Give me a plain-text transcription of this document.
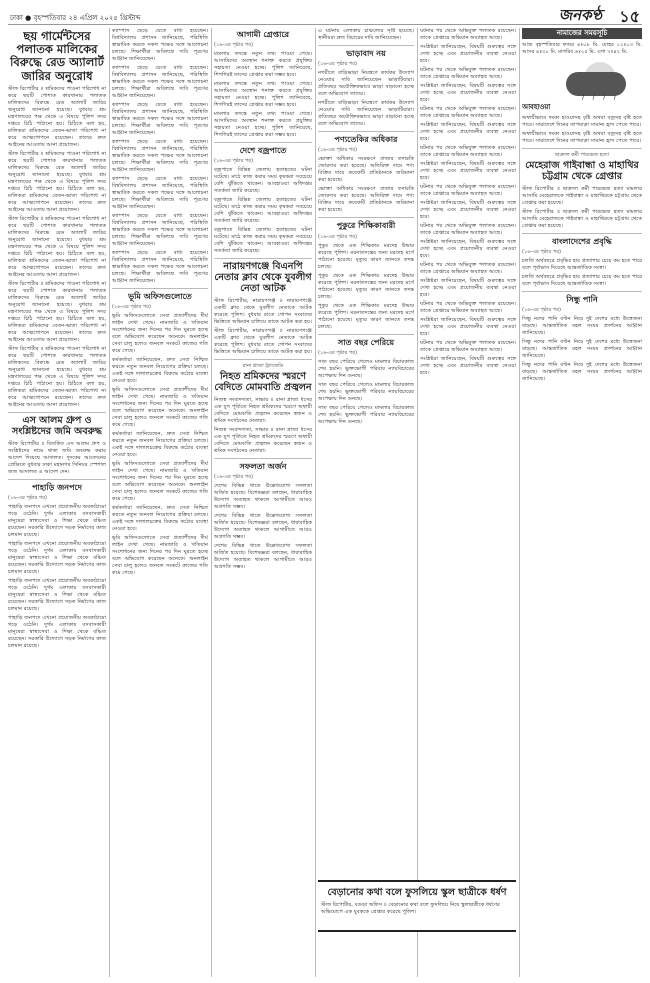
ঢাকা ● বৃহস্পতিবার ২৪ এপ্রিল ২০২৫ খ্রিস্টাব্দ	জনকণ্ঠ ১৫
ছয় গার্মেন্টসের পলাতক মালিকের বিরুদ্ধে রেড অ্যালার্ট জারির অনুরোধ

স্টাফ রিপোর্টার ॥ শ্রমিকদের পাওনা পরিশোধ না করে ছয়টি পোশাক কারখানার পলাতক মালিকদের বিরুদ্ধে রেড অ্যালার্ট জারির অনুরোধ জানানো হয়েছে। বুধবার শ্রম মন্ত্রণালয়ের পক্ষ থেকে এ বিষয়ে পুলিশ সদর দপ্তরে চিঠি পাঠানো হয়। চিঠিতে বলা হয়, মালিকরা শ্রমিকদের বেতন-ভাতা পরিশোধ না করে আত্মগোপনে রয়েছেন। তাদের দ্রুত আইনের আওতায় আনা প্রয়োজন।

স্টাফ রিপোর্টার ॥ শ্রমিকদের পাওনা পরিশোধ না করে ছয়টি পোশাক কারখানার পলাতক মালিকদের বিরুদ্ধে রেড অ্যালার্ট জারির অনুরোধ জানানো হয়েছে। বুধবার শ্রম মন্ত্রণালয়ের পক্ষ থেকে এ বিষয়ে পুলিশ সদর দপ্তরে চিঠি পাঠানো হয়। চিঠিতে বলা হয়, মালিকরা শ্রমিকদের বেতন-ভাতা পরিশোধ না করে আত্মগোপনে রয়েছেন। তাদের দ্রুত আইনের আওতায় আনা প্রয়োজন।

স্টাফ রিপোর্টার ॥ শ্রমিকদের পাওনা পরিশোধ না করে ছয়টি পোশাক কারখানার পলাতক মালিকদের বিরুদ্ধে রেড অ্যালার্ট জারির অনুরোধ জানানো হয়েছে। বুধবার শ্রম মন্ত্রণালয়ের পক্ষ থেকে এ বিষয়ে পুলিশ সদর দপ্তরে চিঠি পাঠানো হয়। চিঠিতে বলা হয়, মালিকরা শ্রমিকদের বেতন-ভাতা পরিশোধ না করে আত্মগোপনে রয়েছেন। তাদের দ্রুত আইনের আওতায় আনা প্রয়োজন।

স্টাফ রিপোর্টার ॥ শ্রমিকদের পাওনা পরিশোধ না করে ছয়টি পোশাক কারখানার পলাতক মালিকদের বিরুদ্ধে রেড অ্যালার্ট জারির অনুরোধ জানানো হয়েছে। বুধবার শ্রম মন্ত্রণালয়ের পক্ষ থেকে এ বিষয়ে পুলিশ সদর দপ্তরে চিঠি পাঠানো হয়। চিঠিতে বলা হয়, মালিকরা শ্রমিকদের বেতন-ভাতা পরিশোধ না করে আত্মগোপনে রয়েছেন। তাদের দ্রুত আইনের আওতায় আনা প্রয়োজন।

স্টাফ রিপোর্টার ॥ শ্রমিকদের পাওনা পরিশোধ না করে ছয়টি পোশাক কারখানার পলাতক মালিকদের বিরুদ্ধে রেড অ্যালার্ট জারির অনুরোধ জানানো হয়েছে। বুধবার শ্রম মন্ত্রণালয়ের পক্ষ থেকে এ বিষয়ে পুলিশ সদর দপ্তরে চিঠি পাঠানো হয়। চিঠিতে বলা হয়, মালিকরা শ্রমিকদের বেতন-ভাতা পরিশোধ না করে আত্মগোপনে রয়েছেন। তাদের দ্রুত আইনের আওতায় আনা প্রয়োজন।

এস আলম গ্রুপ ও সংশ্লিষ্টদের জমি অবরুদ্ধ

স্টাফ রিপোর্টার ॥ বিতর্কিত এস আলম গ্রুপ ও সংশ্লিষ্টদের নামে থাকা জমি অবরুদ্ধ করার আদেশ দিয়েছে আদালত। দুদকের আবেদনের প্রেক্ষিতে বুধবার ঢাকা মহানগর সিনিয়র স্পেশাল জজ আদালত এ আদেশ দেন।

পাহাড়ি জনপদে
(১৬-এর পৃষ্ঠার পর)

পাহাড়ি জনপদে এখনো প্রয়োজনীয় অবকাঠামো গড়ে ওঠেনি। দুর্গম এলাকায় বসবাসকারী মানুষেরা স্বাস্থ্যসেবা ও শিক্ষা থেকে বঞ্চিত রয়েছেন। সরকারি উদ্যোগে সড়ক নির্মাণের কাজ চলমান রয়েছে।

পাহাড়ি জনপদে এখনো প্রয়োজনীয় অবকাঠামো গড়ে ওঠেনি। দুর্গম এলাকায় বসবাসকারী মানুষেরা স্বাস্থ্যসেবা ও শিক্ষা থেকে বঞ্চিত রয়েছেন। সরকারি উদ্যোগে সড়ক নির্মাণের কাজ চলমান রয়েছে।

পাহাড়ি জনপদে এখনো প্রয়োজনীয় অবকাঠামো গড়ে ওঠেনি। দুর্গম এলাকায় বসবাসকারী মানুষেরা স্বাস্থ্যসেবা ও শিক্ষা থেকে বঞ্চিত রয়েছেন। সরকারি উদ্যোগে সড়ক নির্মাণের কাজ চলমান রয়েছে।

পাহাড়ি জনপদে এখনো প্রয়োজনীয় অবকাঠামো গড়ে ওঠেনি। দুর্গম এলাকায় বসবাসকারী মানুষেরা স্বাস্থ্যসেবা ও শিক্ষা থেকে বঞ্চিত রয়েছেন। সরকারি উদ্যোগে সড়ক নির্মাণের কাজ চলমান রয়েছে।

ক্যাম্পাস ছেড়ে যেতে বাধ্য হয়েছেন। বিশ্ববিদ্যালয় প্রশাসন জানিয়েছে, পরিস্থিতি স্বাভাবিক করতে সকল পক্ষের সঙ্গে আলোচনা চলছে। শিক্ষার্থীরা অবিলম্বে দাবি পূরণের আহ্বান জানিয়েছেন।

ক্যাম্পাস ছেড়ে যেতে বাধ্য হয়েছেন। বিশ্ববিদ্যালয় প্রশাসন জানিয়েছে, পরিস্থিতি স্বাভাবিক করতে সকল পক্ষের সঙ্গে আলোচনা চলছে। শিক্ষার্থীরা অবিলম্বে দাবি পূরণের আহ্বান জানিয়েছেন।

ক্যাম্পাস ছেড়ে যেতে বাধ্য হয়েছেন। বিশ্ববিদ্যালয় প্রশাসন জানিয়েছে, পরিস্থিতি স্বাভাবিক করতে সকল পক্ষের সঙ্গে আলোচনা চলছে। শিক্ষার্থীরা অবিলম্বে দাবি পূরণের আহ্বান জানিয়েছেন।

ক্যাম্পাস ছেড়ে যেতে বাধ্য হয়েছেন। বিশ্ববিদ্যালয় প্রশাসন জানিয়েছে, পরিস্থিতি স্বাভাবিক করতে সকল পক্ষের সঙ্গে আলোচনা চলছে। শিক্ষার্থীরা অবিলম্বে দাবি পূরণের আহ্বান জানিয়েছেন।

ক্যাম্পাস ছেড়ে যেতে বাধ্য হয়েছেন। বিশ্ববিদ্যালয় প্রশাসন জানিয়েছে, পরিস্থিতি স্বাভাবিক করতে সকল পক্ষের সঙ্গে আলোচনা চলছে। শিক্ষার্থীরা অবিলম্বে দাবি পূরণের আহ্বান জানিয়েছেন।

ক্যাম্পাস ছেড়ে যেতে বাধ্য হয়েছেন। বিশ্ববিদ্যালয় প্রশাসন জানিয়েছে, পরিস্থিতি স্বাভাবিক করতে সকল পক্ষের সঙ্গে আলোচনা চলছে। শিক্ষার্থীরা অবিলম্বে দাবি পূরণের আহ্বান জানিয়েছেন।

ক্যাম্পাস ছেড়ে যেতে বাধ্য হয়েছেন। বিশ্ববিদ্যালয় প্রশাসন জানিয়েছে, পরিস্থিতি স্বাভাবিক করতে সকল পক্ষের সঙ্গে আলোচনা চলছে। শিক্ষার্থীরা অবিলম্বে দাবি পূরণের আহ্বান জানিয়েছেন।

ভূমি অফিসগুলোতে
(১৬-এর পৃষ্ঠার পর)

ভূমি অফিসগুলোতে সেবা প্রত্যাশীদের দীর্ঘ লাইন দেখা গেছে। নামজারি ও খতিয়ান সংশোধনের জন্য দিনের পর দিন ঘুরতে হচ্ছে বলে অভিযোগ করেছেন অনেকে। অনলাইন সেবা চালু হলেও জনবল সংকটে কাজের গতি কমে গেছে।

কর্মকর্তারা জানিয়েছেন, দ্রুত সেবা নিশ্চিত করতে নতুন জনবল নিয়োগের প্রক্রিয়া চলছে। একই সঙ্গে দালালচক্রের বিরুদ্ধে কঠোর ব্যবস্থা নেওয়া হবে।

ভূমি অফিসগুলোতে সেবা প্রত্যাশীদের দীর্ঘ লাইন দেখা গেছে। নামজারি ও খতিয়ান সংশোধনের জন্য দিনের পর দিন ঘুরতে হচ্ছে বলে অভিযোগ করেছেন অনেকে। অনলাইন সেবা চালু হলেও জনবল সংকটে কাজের গতি কমে গেছে।

কর্মকর্তারা জানিয়েছেন, দ্রুত সেবা নিশ্চিত করতে নতুন জনবল নিয়োগের প্রক্রিয়া চলছে। একই সঙ্গে দালালচক্রের বিরুদ্ধে কঠোর ব্যবস্থা নেওয়া হবে।

ভূমি অফিসগুলোতে সেবা প্রত্যাশীদের দীর্ঘ লাইন দেখা গেছে। নামজারি ও খতিয়ান সংশোধনের জন্য দিনের পর দিন ঘুরতে হচ্ছে বলে অভিযোগ করেছেন অনেকে। অনলাইন সেবা চালু হলেও জনবল সংকটে কাজের গতি কমে গেছে।

কর্মকর্তারা জানিয়েছেন, দ্রুত সেবা নিশ্চিত করতে নতুন জনবল নিয়োগের প্রক্রিয়া চলছে। একই সঙ্গে দালালচক্রের বিরুদ্ধে কঠোর ব্যবস্থা নেওয়া হবে।

ভূমি অফিসগুলোতে সেবা প্রত্যাশীদের দীর্ঘ লাইন দেখা গেছে। নামজারি ও খতিয়ান সংশোধনের জন্য দিনের পর দিন ঘুরতে হচ্ছে বলে অভিযোগ করেছেন অনেকে। অনলাইন সেবা চালু হলেও জনবল সংকটে কাজের গতি কমে গেছে।

আগামী গ্রেপ্তারে
(১৬-এর পৃষ্ঠার পর)

মামলার তদন্তে নতুন তথ্য পাওয়া গেছে। আসামিদের অবস্থান শনাক্ত করতে প্রযুক্তির সহায়তা নেওয়া হচ্ছে। পুলিশ জানিয়েছে, শিগগিরই তাদের গ্রেপ্তার করা সম্ভব হবে।

মামলার তদন্তে নতুন তথ্য পাওয়া গেছে। আসামিদের অবস্থান শনাক্ত করতে প্রযুক্তির সহায়তা নেওয়া হচ্ছে। পুলিশ জানিয়েছে, শিগগিরই তাদের গ্রেপ্তার করা সম্ভব হবে।

মামলার তদন্তে নতুন তথ্য পাওয়া গেছে। আসামিদের অবস্থান শনাক্ত করতে প্রযুক্তির সহায়তা নেওয়া হচ্ছে। পুলিশ জানিয়েছে, শিগগিরই তাদের গ্রেপ্তার করা সম্ভব হবে।

দেশে বজ্রপাতে
(১৬-এর পৃষ্ঠার পর)

বজ্রপাতে বিভিন্ন জেলায় হতাহতের ঘটনা ঘটেছে। মাঠে কাজ করার সময় কৃষকরা সবচেয়ে বেশি ঝুঁকিতে থাকেন। আবহাওয়া অধিদপ্তর সতর্কতা জারি করেছে।

বজ্রপাতে বিভিন্ন জেলায় হতাহতের ঘটনা ঘটেছে। মাঠে কাজ করার সময় কৃষকরা সবচেয়ে বেশি ঝুঁকিতে থাকেন। আবহাওয়া অধিদপ্তর সতর্কতা জারি করেছে।

বজ্রপাতে বিভিন্ন জেলায় হতাহতের ঘটনা ঘটেছে। মাঠে কাজ করার সময় কৃষকরা সবচেয়ে বেশি ঝুঁকিতে থাকেন। আবহাওয়া অধিদপ্তর সতর্কতা জারি করেছে।

নারায়ণগঞ্জে বিএনপি নেতার ক্লাব থেকে যুবলীগ নেতা আটক

স্টাফ রিপোর্টার, নারায়ণগঞ্জ ॥ নারায়ণগঞ্জে একটি ক্লাব থেকে যুবলীগ নেতাকে আটক করেছে পুলিশ। বুধবার রাতে গোপন সংবাদের ভিত্তিতে অভিযান চালিয়ে তাকে আটক করা হয়।

স্টাফ রিপোর্টার, নারায়ণগঞ্জ ॥ নারায়ণগঞ্জে একটি ক্লাব থেকে যুবলীগ নেতাকে আটক করেছে পুলিশ। বুধবার রাতে গোপন সংবাদের ভিত্তিতে অভিযান চালিয়ে তাকে আটক করা হয়।

রানা প্লাজা ট্র্যাজেডি
নিহত শ্রমিকদের স্মরণে বেদিতে মোমবাতি প্রজ্বলন

নিজস্ব সংবাদদাতা, সাভার ॥ রানা প্লাজা ধসের এক যুগ পূর্তিতে নিহত শ্রমিকদের স্মরণে অস্থায়ী বেদিতে মোমবাতি প্রজ্বলন করেছেন স্বজন ও শ্রমিক সংগঠনের নেতারা।

নিজস্ব সংবাদদাতা, সাভার ॥ রানা প্লাজা ধসের এক যুগ পূর্তিতে নিহত শ্রমিকদের স্মরণে অস্থায়ী বেদিতে মোমবাতি প্রজ্বলন করেছেন স্বজন ও শ্রমিক সংগঠনের নেতারা।

সফলতা অর্জন
(১৬-এর পৃষ্ঠার পর)

দেশের বিভিন্ন খাতে উল্লেখযোগ্য সফলতা অর্জিত হয়েছে। বিশেষজ্ঞরা বলছেন, ধারাবাহিক উদ্যোগ অব্যাহত থাকলে আগামীতে আরও অগ্রগতি সম্ভব।

দেশের বিভিন্ন খাতে উল্লেখযোগ্য সফলতা অর্জিত হয়েছে। বিশেষজ্ঞরা বলছেন, ধারাবাহিক উদ্যোগ অব্যাহত থাকলে আগামীতে আরও অগ্রগতি সম্ভব।

দেশের বিভিন্ন খাতে উল্লেখযোগ্য সফলতা অর্জিত হয়েছে। বিশেষজ্ঞরা বলছেন, ধারাবাহিক উদ্যোগ অব্যাহত থাকলে আগামীতে আরও অগ্রগতি সম্ভব।

এ ঘটনায় এলাকায় চাঞ্চল্যের সৃষ্টি হয়েছে। স্থানীয়রা দ্রুত বিচারের দাবি জানিয়েছেন।

ভাড়াবাদ নয়
(১৬-এর পৃষ্ঠার পর)

নগরীতে বাড়িভাড়া নিয়ন্ত্রণে কার্যকর উদ্যোগ নেওয়ার দাবি জানিয়েছেন ভাড়াটিয়ারা। প্রতিবছর অযৌক্তিকভাবে ভাড়া বাড়ানো হচ্ছে বলে অভিযোগ তাদের।

নগরীতে বাড়িভাড়া নিয়ন্ত্রণে কার্যকর উদ্যোগ নেওয়ার দাবি জানিয়েছেন ভাড়াটিয়ারা। প্রতিবছর অযৌক্তিকভাবে ভাড়া বাড়ানো হচ্ছে বলে অভিযোগ তাদের।

পণ্যতেকির অধিকার
(১৬-এর পৃষ্ঠার পর)

ভোক্তা অধিকার সংরক্ষণে বাজার তদারকি জোরদার করা হয়েছে। অতিরিক্ত দামে পণ্য বিক্রির দায়ে কয়েকটি প্রতিষ্ঠানকে জরিমানা করা হয়েছে।

ভোক্তা অধিকার সংরক্ষণে বাজার তদারকি জোরদার করা হয়েছে। অতিরিক্ত দামে পণ্য বিক্রির দায়ে কয়েকটি প্রতিষ্ঠানকে জরিমানা করা হয়েছে।

পুকুরে শিক্ষিকাবারী
(১৬-এর পৃষ্ঠার পর)

পুকুর থেকে এক শিক্ষিকার মরদেহ উদ্ধার করেছে পুলিশ। ময়নাতদন্তের জন্য মরদেহ মর্গে পাঠানো হয়েছে। মৃত্যুর কারণ জানতে তদন্ত চলছে।

পুকুর থেকে এক শিক্ষিকার মরদেহ উদ্ধার করেছে পুলিশ। ময়নাতদন্তের জন্য মরদেহ মর্গে পাঠানো হয়েছে। মৃত্যুর কারণ জানতে তদন্ত চলছে।

পুকুর থেকে এক শিক্ষিকার মরদেহ উদ্ধার করেছে পুলিশ। ময়নাতদন্তের জন্য মরদেহ মর্গে পাঠানো হয়েছে। মৃত্যুর কারণ জানতে তদন্ত চলছে।

সাত বছর পেরিয়ে
(১৬-এর পৃষ্ঠার পর)

সাত বছর পেরিয়ে গেলেও মামলার বিচারকাজ শেষ হয়নি। ভুক্তভোগী পরিবার ন্যায়বিচারের অপেক্ষায় দিন গুনছে।

সাত বছর পেরিয়ে গেলেও মামলার বিচারকাজ শেষ হয়নি। ভুক্তভোগী পরিবার ন্যায়বিচারের অপেক্ষায় দিন গুনছে।

সাত বছর পেরিয়ে গেলেও মামলার বিচারকাজ শেষ হয়নি। ভুক্তভোগী পরিবার ন্যায়বিচারের অপেক্ষায় দিন গুনছে।

ঘটনার পর থেকে অভিযুক্ত পলাতক রয়েছেন। তাকে গ্রেপ্তারে অভিযান অব্যাহত আছে।

সংশ্লিষ্টরা জানিয়েছেন, বিষয়টি গুরুত্বের সঙ্গে দেখা হচ্ছে এবং প্রয়োজনীয় ব্যবস্থা নেওয়া হবে।

ঘটনার পর থেকে অভিযুক্ত পলাতক রয়েছেন। তাকে গ্রেপ্তারে অভিযান অব্যাহত আছে।

সংশ্লিষ্টরা জানিয়েছেন, বিষয়টি গুরুত্বের সঙ্গে দেখা হচ্ছে এবং প্রয়োজনীয় ব্যবস্থা নেওয়া হবে।

ঘটনার পর থেকে অভিযুক্ত পলাতক রয়েছেন। তাকে গ্রেপ্তারে অভিযান অব্যাহত আছে।

সংশ্লিষ্টরা জানিয়েছেন, বিষয়টি গুরুত্বের সঙ্গে দেখা হচ্ছে এবং প্রয়োজনীয় ব্যবস্থা নেওয়া হবে।

ঘটনার পর থেকে অভিযুক্ত পলাতক রয়েছেন। তাকে গ্রেপ্তারে অভিযান অব্যাহত আছে।

সংশ্লিষ্টরা জানিয়েছেন, বিষয়টি গুরুত্বের সঙ্গে দেখা হচ্ছে এবং প্রয়োজনীয় ব্যবস্থা নেওয়া হবে।

ঘটনার পর থেকে অভিযুক্ত পলাতক রয়েছেন। তাকে গ্রেপ্তারে অভিযান অব্যাহত আছে।

সংশ্লিষ্টরা জানিয়েছেন, বিষয়টি গুরুত্বের সঙ্গে দেখা হচ্ছে এবং প্রয়োজনীয় ব্যবস্থা নেওয়া হবে।

ঘটনার পর থেকে অভিযুক্ত পলাতক রয়েছেন। তাকে গ্রেপ্তারে অভিযান অব্যাহত আছে।

সংশ্লিষ্টরা জানিয়েছেন, বিষয়টি গুরুত্বের সঙ্গে দেখা হচ্ছে এবং প্রয়োজনীয় ব্যবস্থা নেওয়া হবে।

ঘটনার পর থেকে অভিযুক্ত পলাতক রয়েছেন। তাকে গ্রেপ্তারে অভিযান অব্যাহত আছে।

সংশ্লিষ্টরা জানিয়েছেন, বিষয়টি গুরুত্বের সঙ্গে দেখা হচ্ছে এবং প্রয়োজনীয় ব্যবস্থা নেওয়া হবে।

ঘটনার পর থেকে অভিযুক্ত পলাতক রয়েছেন। তাকে গ্রেপ্তারে অভিযান অব্যাহত আছে।

সংশ্লিষ্টরা জানিয়েছেন, বিষয়টি গুরুত্বের সঙ্গে দেখা হচ্ছে এবং প্রয়োজনীয় ব্যবস্থা নেওয়া হবে।

ঘটনার পর থেকে অভিযুক্ত পলাতক রয়েছেন। তাকে গ্রেপ্তারে অভিযান অব্যাহত আছে।

সংশ্লিষ্টরা জানিয়েছেন, বিষয়টি গুরুত্বের সঙ্গে দেখা হচ্ছে এবং প্রয়োজনীয় ব্যবস্থা নেওয়া হবে।

বেড়ানোর কথা বলে ফুসলিয়ে স্কুল ছাত্রীকে ধর্ষণ
স্টাফ রিপোর্টার, বগুড়া অফিস ॥ বেড়ানোর কথা বলে ফুসলিয়ে নিয়ে স্কুলছাত্রীকে ধর্ষণের অভিযোগে এক যুবককে গ্রেপ্তার করেছে পুলিশ।
নামাজের সময়সূচি

আজ বৃহস্পতিবার ফজর ৪ঃ০৮ মি. যোহর ১২ঃ০৩ মি. আসর ৪ঃ৩০ মি. মাগরিব ৬ঃ২৫ মি. এশা ৭ঃ৪২ মি.

/ / / /
আবহাওয়া

অস্থায়ীভাবে দমকা হাওয়াসহ বৃষ্টি অথবা বজ্রসহ বৃষ্টি হতে পারে। সারাদেশে দিনের তাপমাত্রা সামান্য হ্রাস পেতে পারে।

অস্থায়ীভাবে দমকা হাওয়াসহ বৃষ্টি অথবা বজ্রসহ বৃষ্টি হতে পারে। সারাদেশে দিনের তাপমাত্রা সামান্য হ্রাস পেতে পারে।

ছাত্রদল কর্মী পারভেজ হত্যা
মেহেরাজ গাইবান্ধা ও মাহাথির চট্টগ্রাম থেকে গ্রেপ্তার

স্টাফ রিপোর্টার ॥ ছাত্রদল কর্মী পারভেজ হত্যা মামলার আসামি মেহেরাজকে গাইবান্ধা ও মাহাথিরকে চট্টগ্রাম থেকে গ্রেপ্তার করা হয়েছে।

স্টাফ রিপোর্টার ॥ ছাত্রদল কর্মী পারভেজ হত্যা মামলার আসামি মেহেরাজকে গাইবান্ধা ও মাহাথিরকে চট্টগ্রাম থেকে গ্রেপ্তার করা হয়েছে।

বাংলাদেশের প্রবৃদ্ধি
(১৬-এর পৃষ্ঠার পর)

চলতি অর্থবছরে প্রবৃদ্ধির হার প্রত্যাশার চেয়ে কম হতে পারে বলে পূর্বাভাস দিয়েছে আন্তর্জাতিক সংস্থা।

চলতি অর্থবছরে প্রবৃদ্ধির হার প্রত্যাশার চেয়ে কম হতে পারে বলে পূর্বাভাস দিয়েছে আন্তর্জাতিক সংস্থা।

সিন্ধু পানি
(১৬-এর পৃষ্ঠার পর)

সিন্ধু নদের পানি বণ্টন নিয়ে দুই দেশের মধ্যে উত্তেজনা বাড়ছে। আন্তর্জাতিক মহল সংযম প্রদর্শনের আহ্বান জানিয়েছে।

সিন্ধু নদের পানি বণ্টন নিয়ে দুই দেশের মধ্যে উত্তেজনা বাড়ছে। আন্তর্জাতিক মহল সংযম প্রদর্শনের আহ্বান জানিয়েছে।

সিন্ধু নদের পানি বণ্টন নিয়ে দুই দেশের মধ্যে উত্তেজনা বাড়ছে। আন্তর্জাতিক মহল সংযম প্রদর্শনের আহ্বান জানিয়েছে।
